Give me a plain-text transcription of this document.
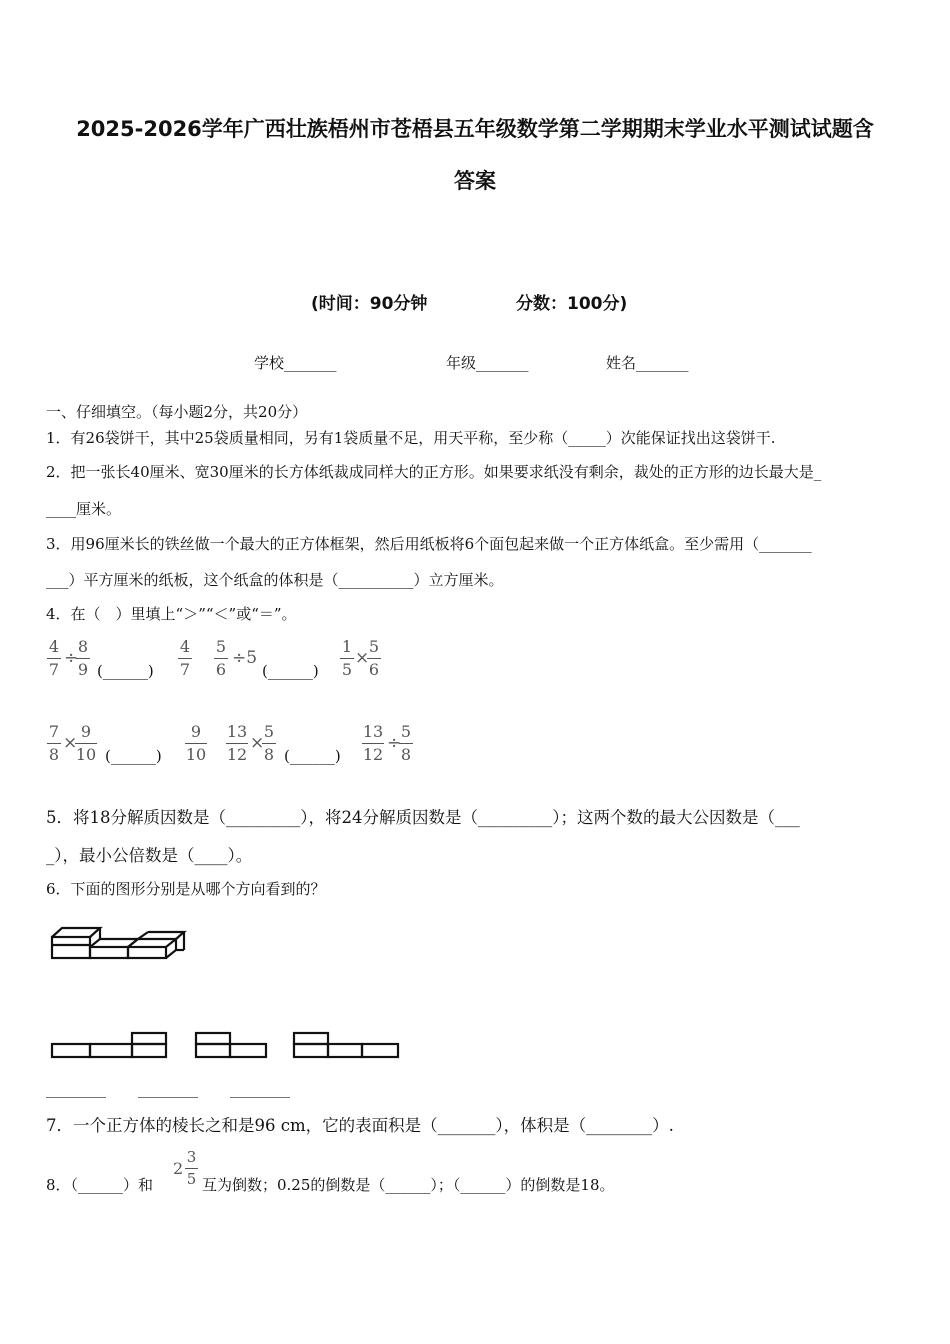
2025-2026学年广西壮族梧州市苍梧县五年级数学第二学期期末学业水平测试试题含
答案
(时间：90分钟	分数：100分)
学校_______	年级_______	姓名_______
一、仔细填空。（每小题2分，共20分）
1．有26袋饼干，其中25袋质量相同，另有1袋质量不足，用天平称，至少称（_____）次能保证找出这袋饼干.
2．把一张长40厘米、宽30厘米的长方体纸裁成同样大的正方形。如果要求纸没有剩余，裁处的正方形的边长最大是_
____厘米。
3．用96厘米长的铁丝做一个最大的正方体框架，然后用纸板将6个面包起来做一个正方体纸盒。至少需用（_______
___）平方厘米的纸板，这个纸盒的体积是（__________）立方厘米。
4．在（　）里填上“＞”“＜”或“＝”。
4
7
÷
8
9 (______)
4
7
5
6
÷5
(______)
1
5
×
5
6
7
8
×
9
10 (______)
9
10
13
12
×
5
8 (______)
13
12
÷
5
8
5．将18分解质因数是（_________），将24分解质因数是（_________）；这两个数的最大公因数是（___
_），最小公倍数是（____）。
6．下面的图形分别是从哪个方向看到的？
________ ________ ________
7．一个正方体的棱长之和是96 cm，它的表面积是（_______），体积是（________）.
8．（______）和
2
3
5 互为倒数；0.25的倒数是（______）；（______）的倒数是18。
